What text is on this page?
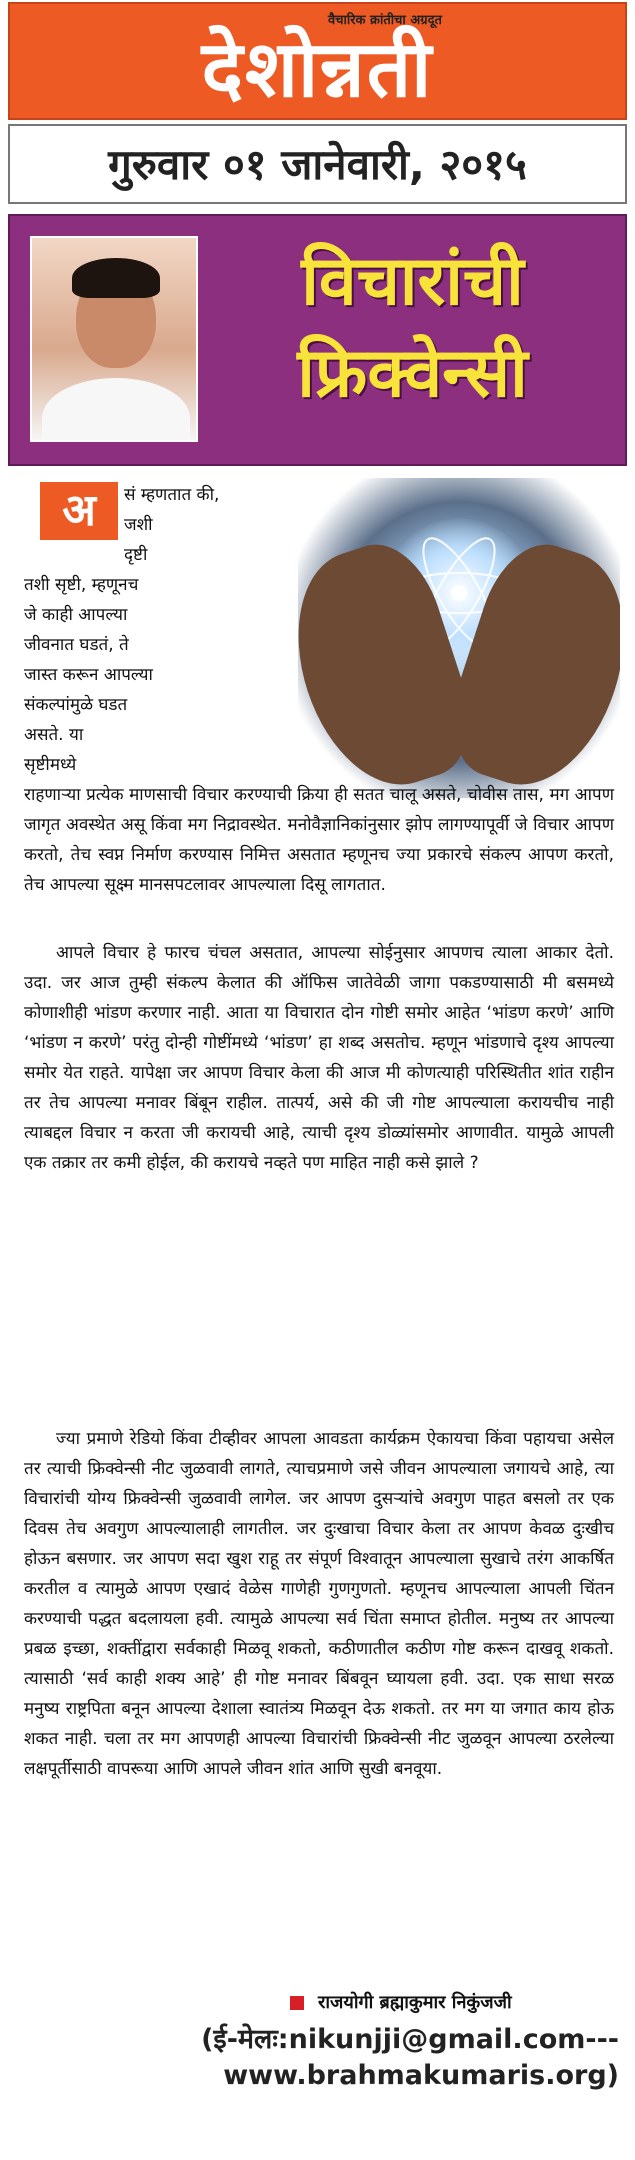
वैचारिक क्रांतीचा अग्रदूत
देशोन्नती
गुरुवार ०१ जानेवारी, २०१५
विचारांची
फ्रिक्वेन्सी
अ	सं म्हणतात की,
जशी
दृष्टी
तशी सृष्टी, म्हणूनच
जे काही आपल्या
जीवनात घडतं, ते
जास्त करून आपल्या
संकल्पांमुळे घडत
असते. या
सृष्टीमध्ये

राहणाऱ्या प्रत्येक माणसाची विचार करण्याची क्रिया ही सतत चालू असते, चोवीस तास, मग आपण जागृत अवस्थेत असू किंवा मग निद्रावस्थेत. मनोवैज्ञानिकांनुसार झोप लागण्यापूर्वी जे विचार आपण करतो, तेच स्वप्न निर्माण करण्यास निमित्त असतात म्हणूनच ज्या प्रकारचे संकल्प आपण करतो, तेच आपल्या सूक्ष्म मानसपटलावर आपल्याला दिसू लागतात.

आपले विचार हे फारच चंचल असतात, आपल्या सोईनुसार आपणच त्याला आकार देतो. उदा. जर आज तुम्ही संकल्प केलात की ऑफिस जातेवेळी जागा पकडण्यासाठी मी बसमध्ये कोणाशीही भांडण करणार नाही. आता या विचारात दोन गोष्टी समोर आहेत ‘भांडण करणे’ आणि ‘भांडण न करणे’ परंतु दोन्ही गोष्टींमध्ये ‘भांडण’ हा शब्द असतोच. म्हणून भांडणाचे दृश्य आपल्या समोर येत राहते. यापेक्षा जर आपण विचार केला की आज मी कोणत्याही परिस्थितीत शांत राहीन तर तेच आपल्या मनावर बिंबून राहील. तात्पर्य, असे की जी गोष्ट आपल्याला करायचीच नाही त्याबद्दल विचार न करता जी करायची आहे, त्याची दृश्य डोळ्यांसमोर आणावीत. यामुळे आपली एक तक्रार तर कमी होईल, की करायचे नव्हते पण माहित नाही कसे झाले ?

ज्या प्रमाणे रेडियो किंवा टीव्हीवर आपला आवडता कार्यक्रम ऐकायचा किंवा पहायचा असेल तर त्याची फ्रिक्वेन्सी नीट जुळवावी लागते, त्याचप्रमाणे जसे जीवन आपल्याला जगायचे आहे, त्या विचारांची योग्य फ्रिक्वेन्सी जुळवावी लागेल. जर आपण दुसऱ्यांचे अवगुण पाहत बसलो तर एक दिवस तेच अवगुण आपल्यालाही लागतील. जर दुःखाचा विचार केला तर आपण केवळ दुःखीच होऊन बसणार. जर आपण सदा खुश राहू तर संपूर्ण विश्वातून आपल्याला सुखाचे तरंग आकर्षित करतील व त्यामुळे आपण एखादं वेळेस गाणेही गुणगुणतो. म्हणूनच आपल्याला आपली चिंतन करण्याची पद्धत बदलायला हवी. त्यामुळे आपल्या सर्व चिंता समाप्त होतील. मनुष्य तर आपल्या प्रबळ इच्छा, शक्तींद्वारा सर्वकाही मिळवू शकतो, कठीणातील कठीण गोष्ट करून दाखवू शकतो. त्यासाठी ‘सर्व काही शक्य आहे’ ही गोष्ट मनावर बिंबवून घ्यायला हवी. उदा. एक साधा सरळ मनुष्य राष्ट्रपिता बनून आपल्या देशाला स्वातंत्र्य मिळवून देऊ शकतो. तर मग या जगात काय होऊ शकत नाही. चला तर मग आपणही आपल्या विचारांची फ्रिक्वेन्सी नीट जुळवून आपल्या ठरलेल्या लक्षपूर्तीसाठी वापरूया आणि आपले जीवन शांत आणि सुखी बनवूया.

राजयोगी ब्रह्माकुमार निकुंजजी
(ई-मेलः:nikunjji@gmail.com---
www.brahmakumaris.org)
